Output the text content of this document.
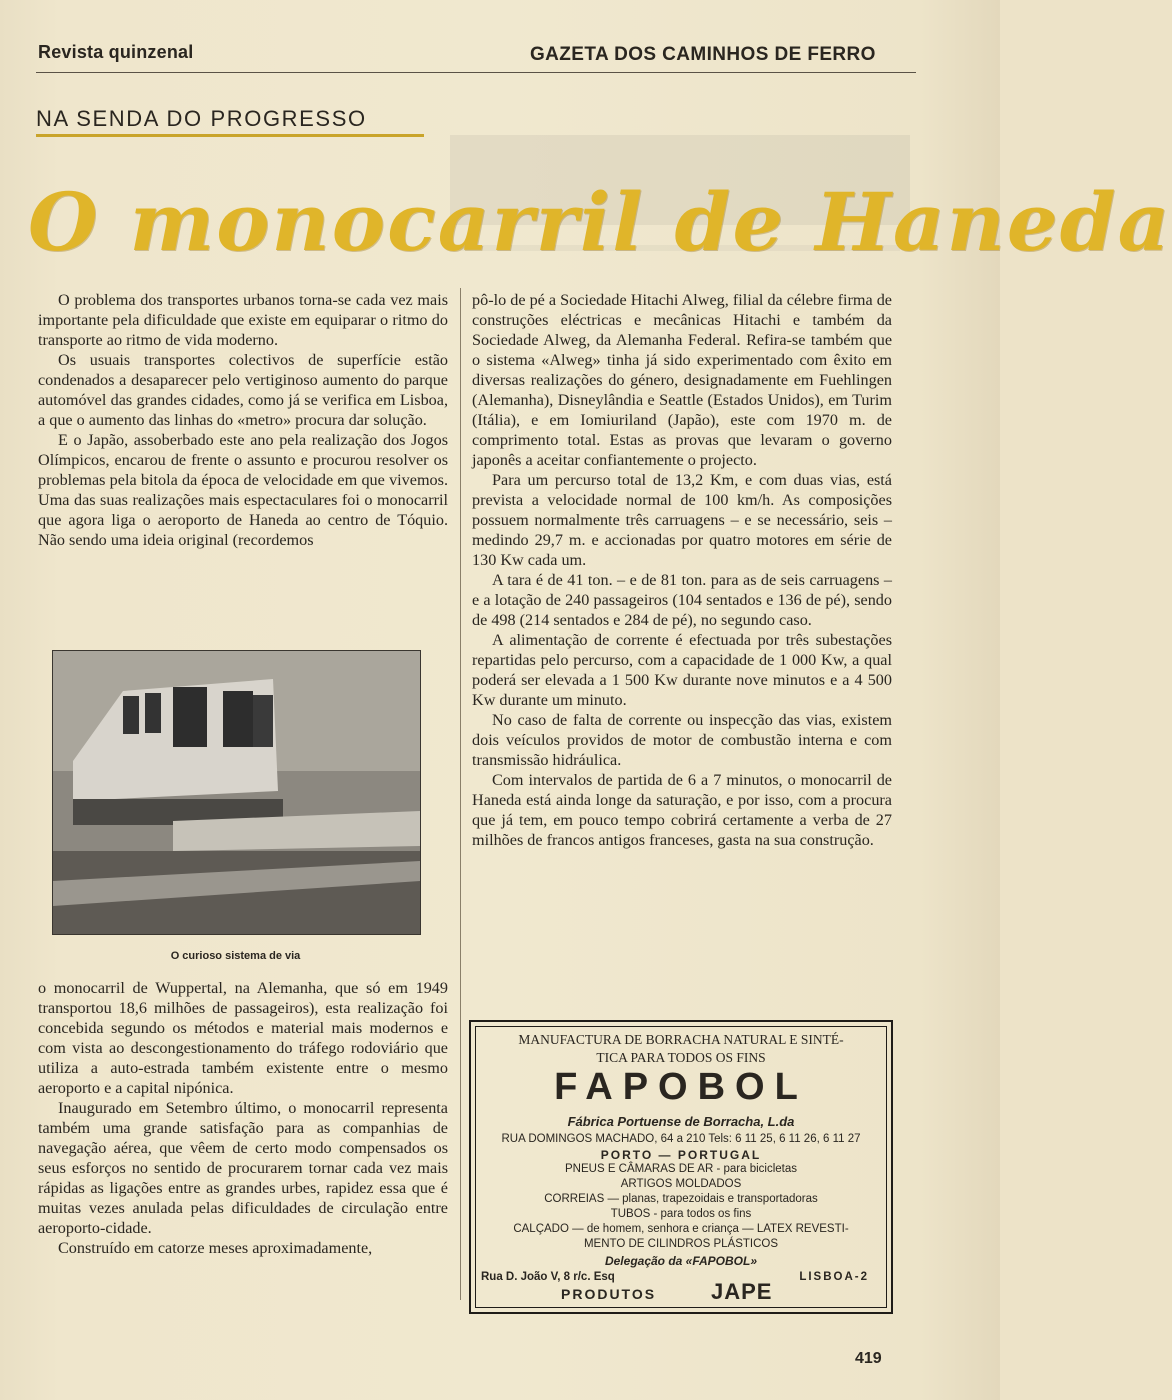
Revista quinzenal	GAZETA DOS CAMINHOS DE FERRO
NA SENDA DO PROGRESSO
O monocarril de Haneda

O problema dos transportes urbanos torna-se cada vez mais importante pela dificuldade que existe em equiparar o ritmo do transporte ao ritmo de vida moderno.

Os usuais transportes colectivos de superfície estão condenados a desaparecer pelo vertiginoso aumento do parque automóvel das grandes cidades, como já se verifica em Lisboa, a que o aumento das linhas do «metro» procura dar solução.

E o Japão, assoberbado este ano pela realização dos Jogos Olímpicos, encarou de frente o assunto e procurou resolver os problemas pela bitola da época de velocidade em que vivemos. Uma das suas realizações mais espectaculares foi o monocarril que agora liga o aeroporto de Haneda ao centro de Tóquio. Não sendo uma ideia original (recordemos

O curioso sistema de via

o monocarril de Wuppertal, na Alemanha, que só em 1949 transportou 18,6 milhões de passageiros), esta realização foi concebida segundo os métodos e material mais modernos e com vista ao descongestionamento do tráfego rodoviário que utiliza a auto-estrada também existente entre o mesmo aeroporto e a capital nipónica.

Inaugurado em Setembro último, o monocarril representa também uma grande satisfação para as companhias de navegação aérea, que vêem de certo modo compensados os seus esforços no sentido de procurarem tornar cada vez mais rápidas as ligações entre as grandes urbes, rapidez essa que é muitas vezes anulada pelas dificuldades de circulação entre aeroporto-cidade.

Construído em catorze meses aproximadamente,

pô-lo de pé a Sociedade Hitachi Alweg, filial da célebre firma de construções eléctricas e mecânicas Hitachi e também da Sociedade Alweg, da Alemanha Federal. Refira-se também que o sistema «Alweg» tinha já sido experimentado com êxito em diversas realizações do género, designadamente em Fuehlingen (Alemanha), Disneylândia e Seattle (Estados Unidos), em Turim (Itália), e em Iomiuriland (Japão), este com 1970 m. de comprimento total. Estas as provas que levaram o governo japonês a aceitar confiantemente o projecto.

Para um percurso total de 13,2 Km, e com duas vias, está prevista a velocidade normal de 100 km/h. As composições possuem normalmente três carruagens – e se necessário, seis – medindo 29,7 m. e accionadas por quatro motores em série de 130 Kw cada um.

A tara é de 41 ton. – e de 81 ton. para as de seis carruagens – e a lotação de 240 passageiros (104 sentados e 136 de pé), sendo de 498 (214 sentados e 284 de pé), no segundo caso.

A alimentação de corrente é efectuada por três subestações repartidas pelo percurso, com a capacidade de 1 000 Kw, a qual poderá ser elevada a 1 500 Kw durante nove minutos e a 4 500 Kw durante um minuto.

No caso de falta de corrente ou inspecção das vias, existem dois veículos providos de motor de combustão interna e com transmissão hidráulica.

Com intervalos de partida de 6 a 7 minutos, o monocarril de Haneda está ainda longe da saturação, e por isso, com a procura que já tem, em pouco tempo cobrirá certamente a verba de 27 milhões de francos antigos franceses, gasta na sua construção.

MANUFACTURA DE BORRACHA NATURAL E SINTÉ-
TICA PARA TODOS OS FINS
FAPOBOL
Fábrica Portuense de Borracha, L.da
RUA DOMINGOS MACHADO, 64 a 210 Tels: 6 11 25, 6 11 26, 6 11 27
PORTO — PORTUGAL
PNEUS E CÂMARAS DE AR - para bicicletas
ARTIGOS MOLDADOS
CORREIAS — planas, trapezoidais e transportadoras
TUBOS - para todos os fins
CALÇADO — de homem, senhora e criança — LATEX REVESTI-
MENTO DE CILINDROS PLÁSTICOS
Delegação da «FAPOBOL»
Rua D. João V, 8 r/c. Esq	LISBOA-2
PRODUTOS JAPE
419
